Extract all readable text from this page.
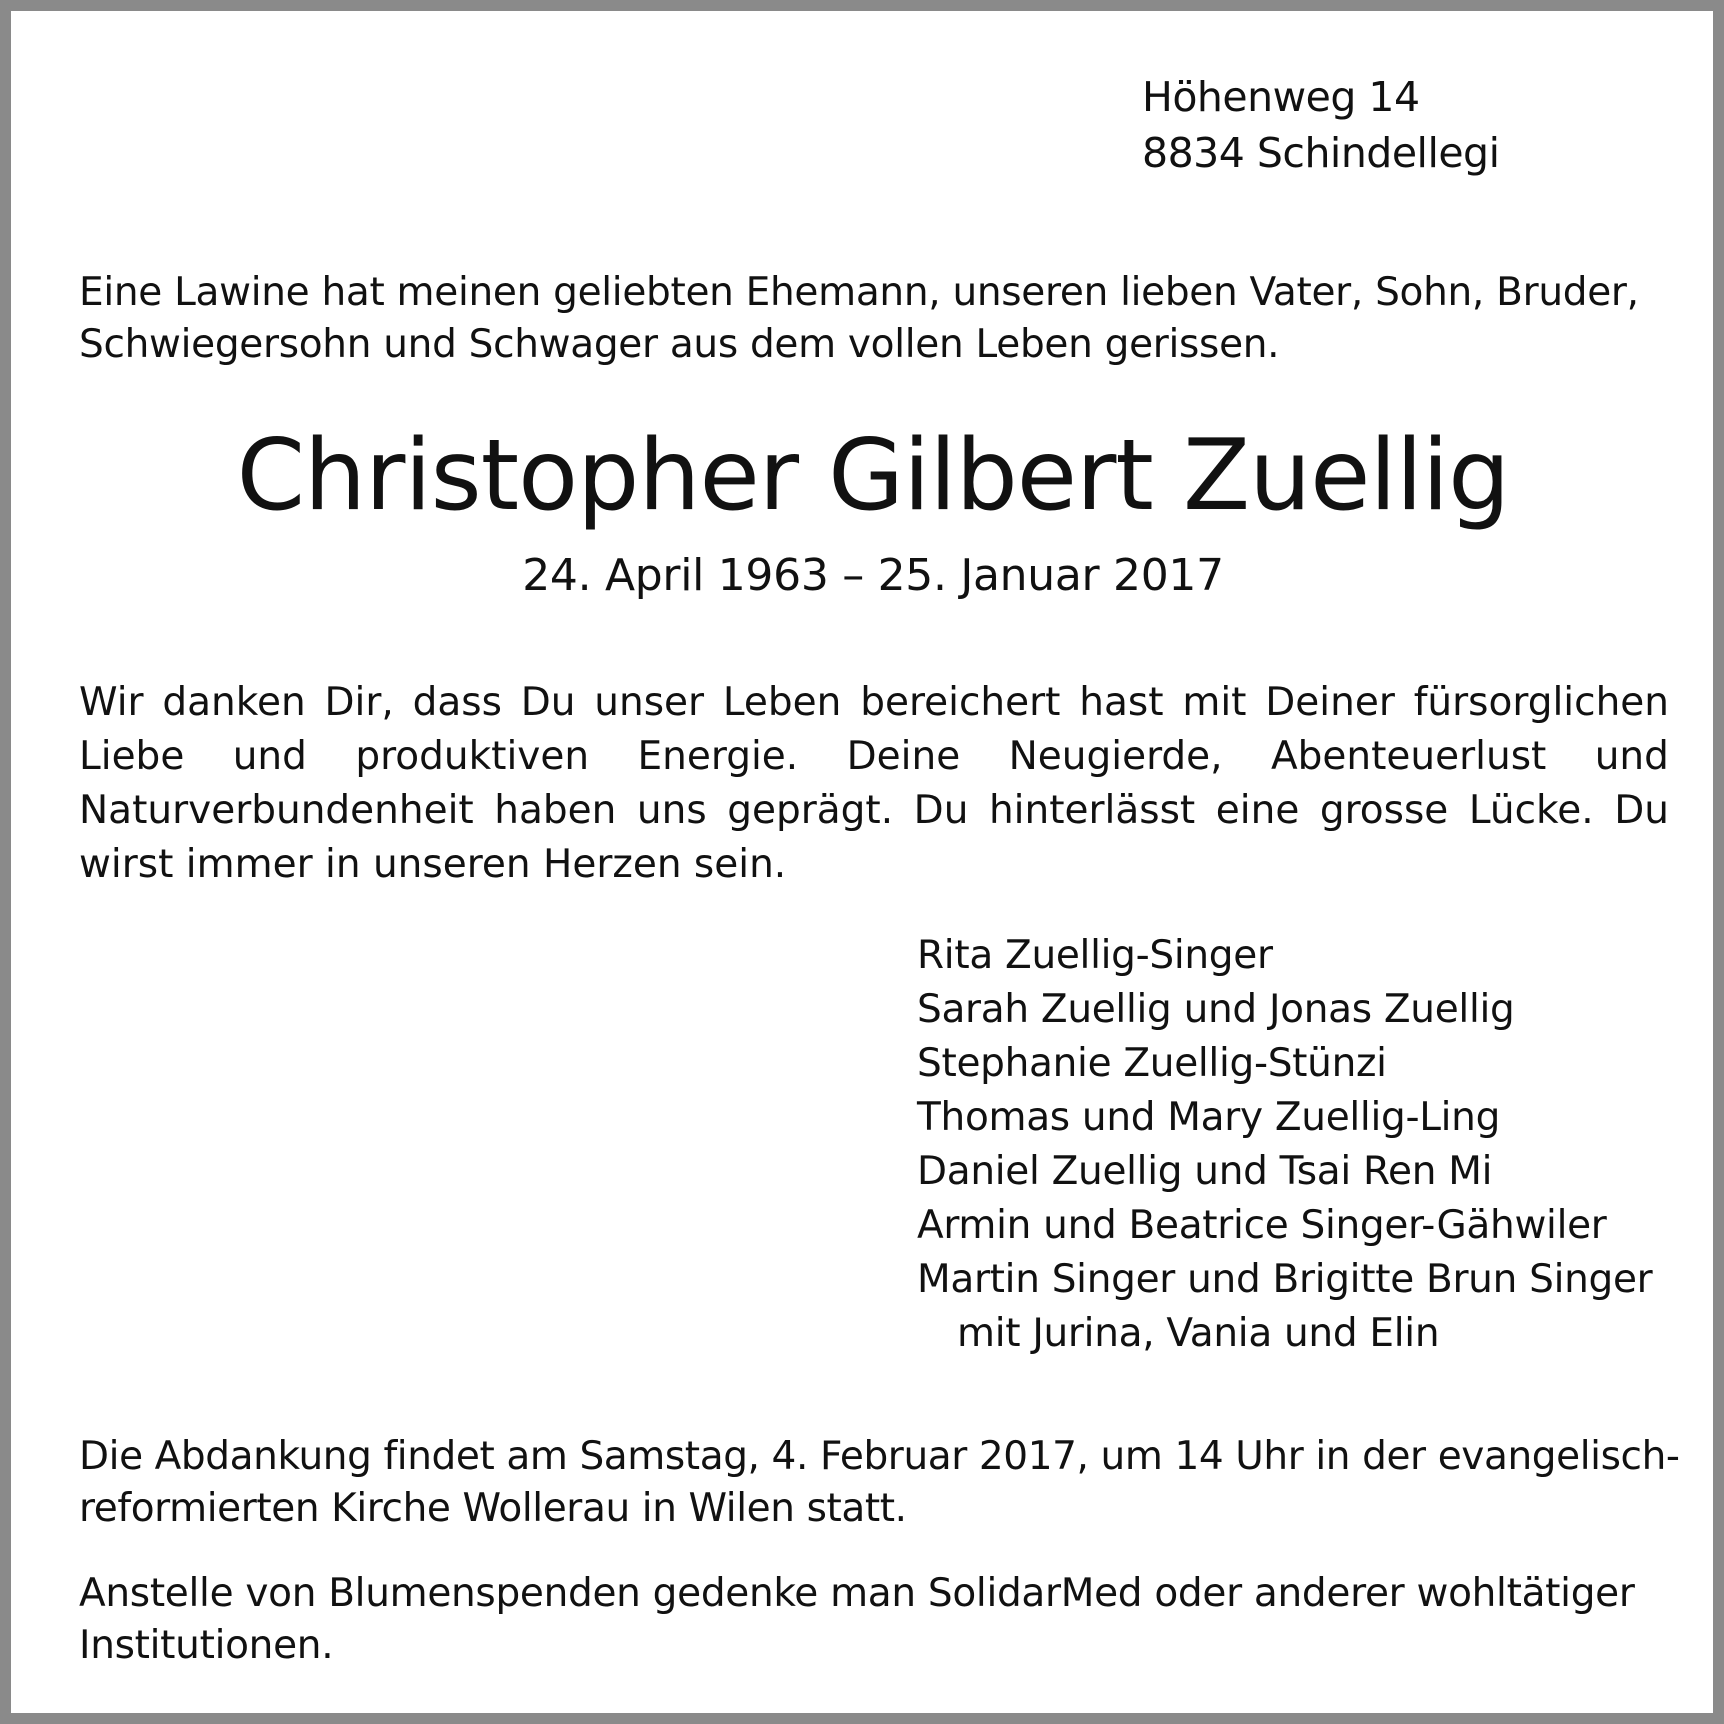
Höhenweg 14
8834 Schindellegi
Eine Lawine hat meinen geliebten Ehemann, unseren lieben Vater, Sohn, Bruder,
Schwiegersohn und Schwager aus dem vollen Leben gerissen.
Christopher Gilbert Zuellig
24. April 1963 – 25. Januar 2017
Wir danken Dir, dass Du unser Leben bereichert hast mit Deiner fürsorglichen
Liebe und produktiven Energie. Deine Neugierde, Abenteuerlust und
Naturverbundenheit haben uns geprägt. Du hinterlässt eine grosse Lücke. Du
wirst immer in unseren Herzen sein.
Rita Zuellig-Singer
Sarah Zuellig und Jonas Zuellig
Stephanie Zuellig-Stünzi
Thomas und Mary Zuellig-Ling
Daniel Zuellig und Tsai Ren Mi
Armin und Beatrice Singer-Gähwiler
Martin Singer und Brigitte Brun Singer
mit Jurina, Vania und Elin
Die Abdankung findet am Samstag, 4. Februar 2017, um 14 Uhr in der evangelisch-
reformierten Kirche Wollerau in Wilen statt.
Anstelle von Blumenspenden gedenke man SolidarMed oder anderer wohltätiger
Institutionen.
